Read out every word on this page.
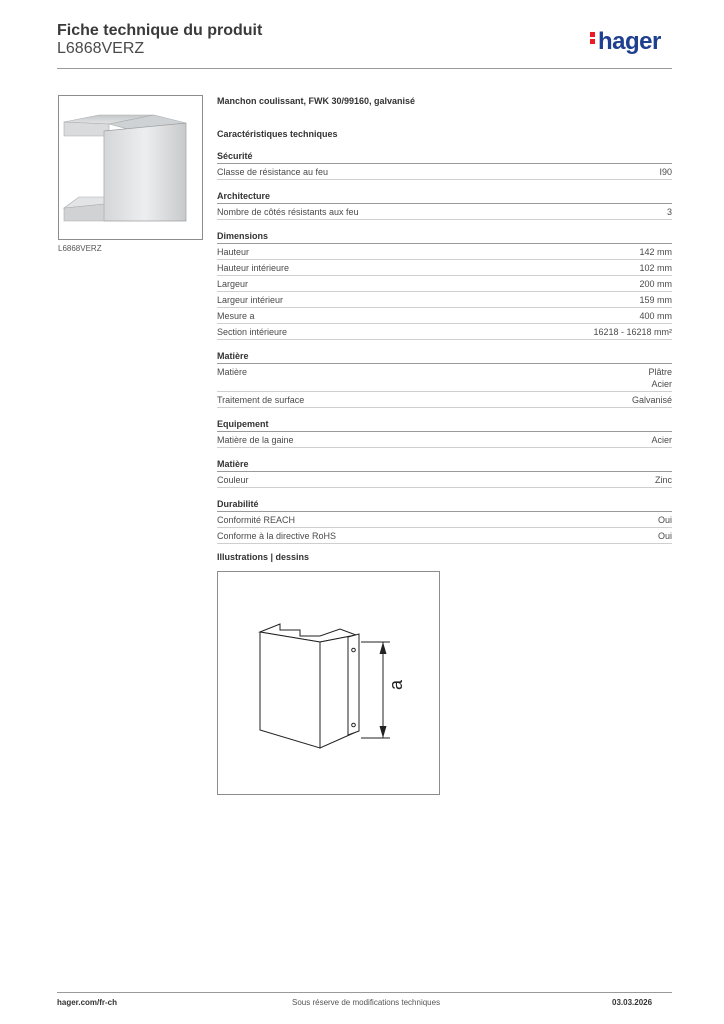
Fiche technique du produit
L6868VERZ	hager
L6868VERZ
Manchon coulissant, FWK 30/99160, galvanisé
Caractéristiques techniques
Sécurité
Classe de résistance au feu	I90
Architecture
Nombre de côtés résistants aux feu	3
Dimensions
Hauteur	142 mm
Hauteur intérieure	102 mm
Largeur	200 mm
Largeur intérieur	159 mm
Mesure a	400 mm
Section intérieure	16218 - 16218 mm²
Matière
Matière	Plâtre
Acier
Traitement de surface	Galvanisé
Equipement
Matière de la gaine	Acier
Matière
Couleur	Zinc
Durabilité
Conformité REACH	Oui
Conforme à la directive RoHS	Oui
Illustrations | dessins
a
hager.com/fr-ch	Sous réserve de modifications techniques	03.03.2026
